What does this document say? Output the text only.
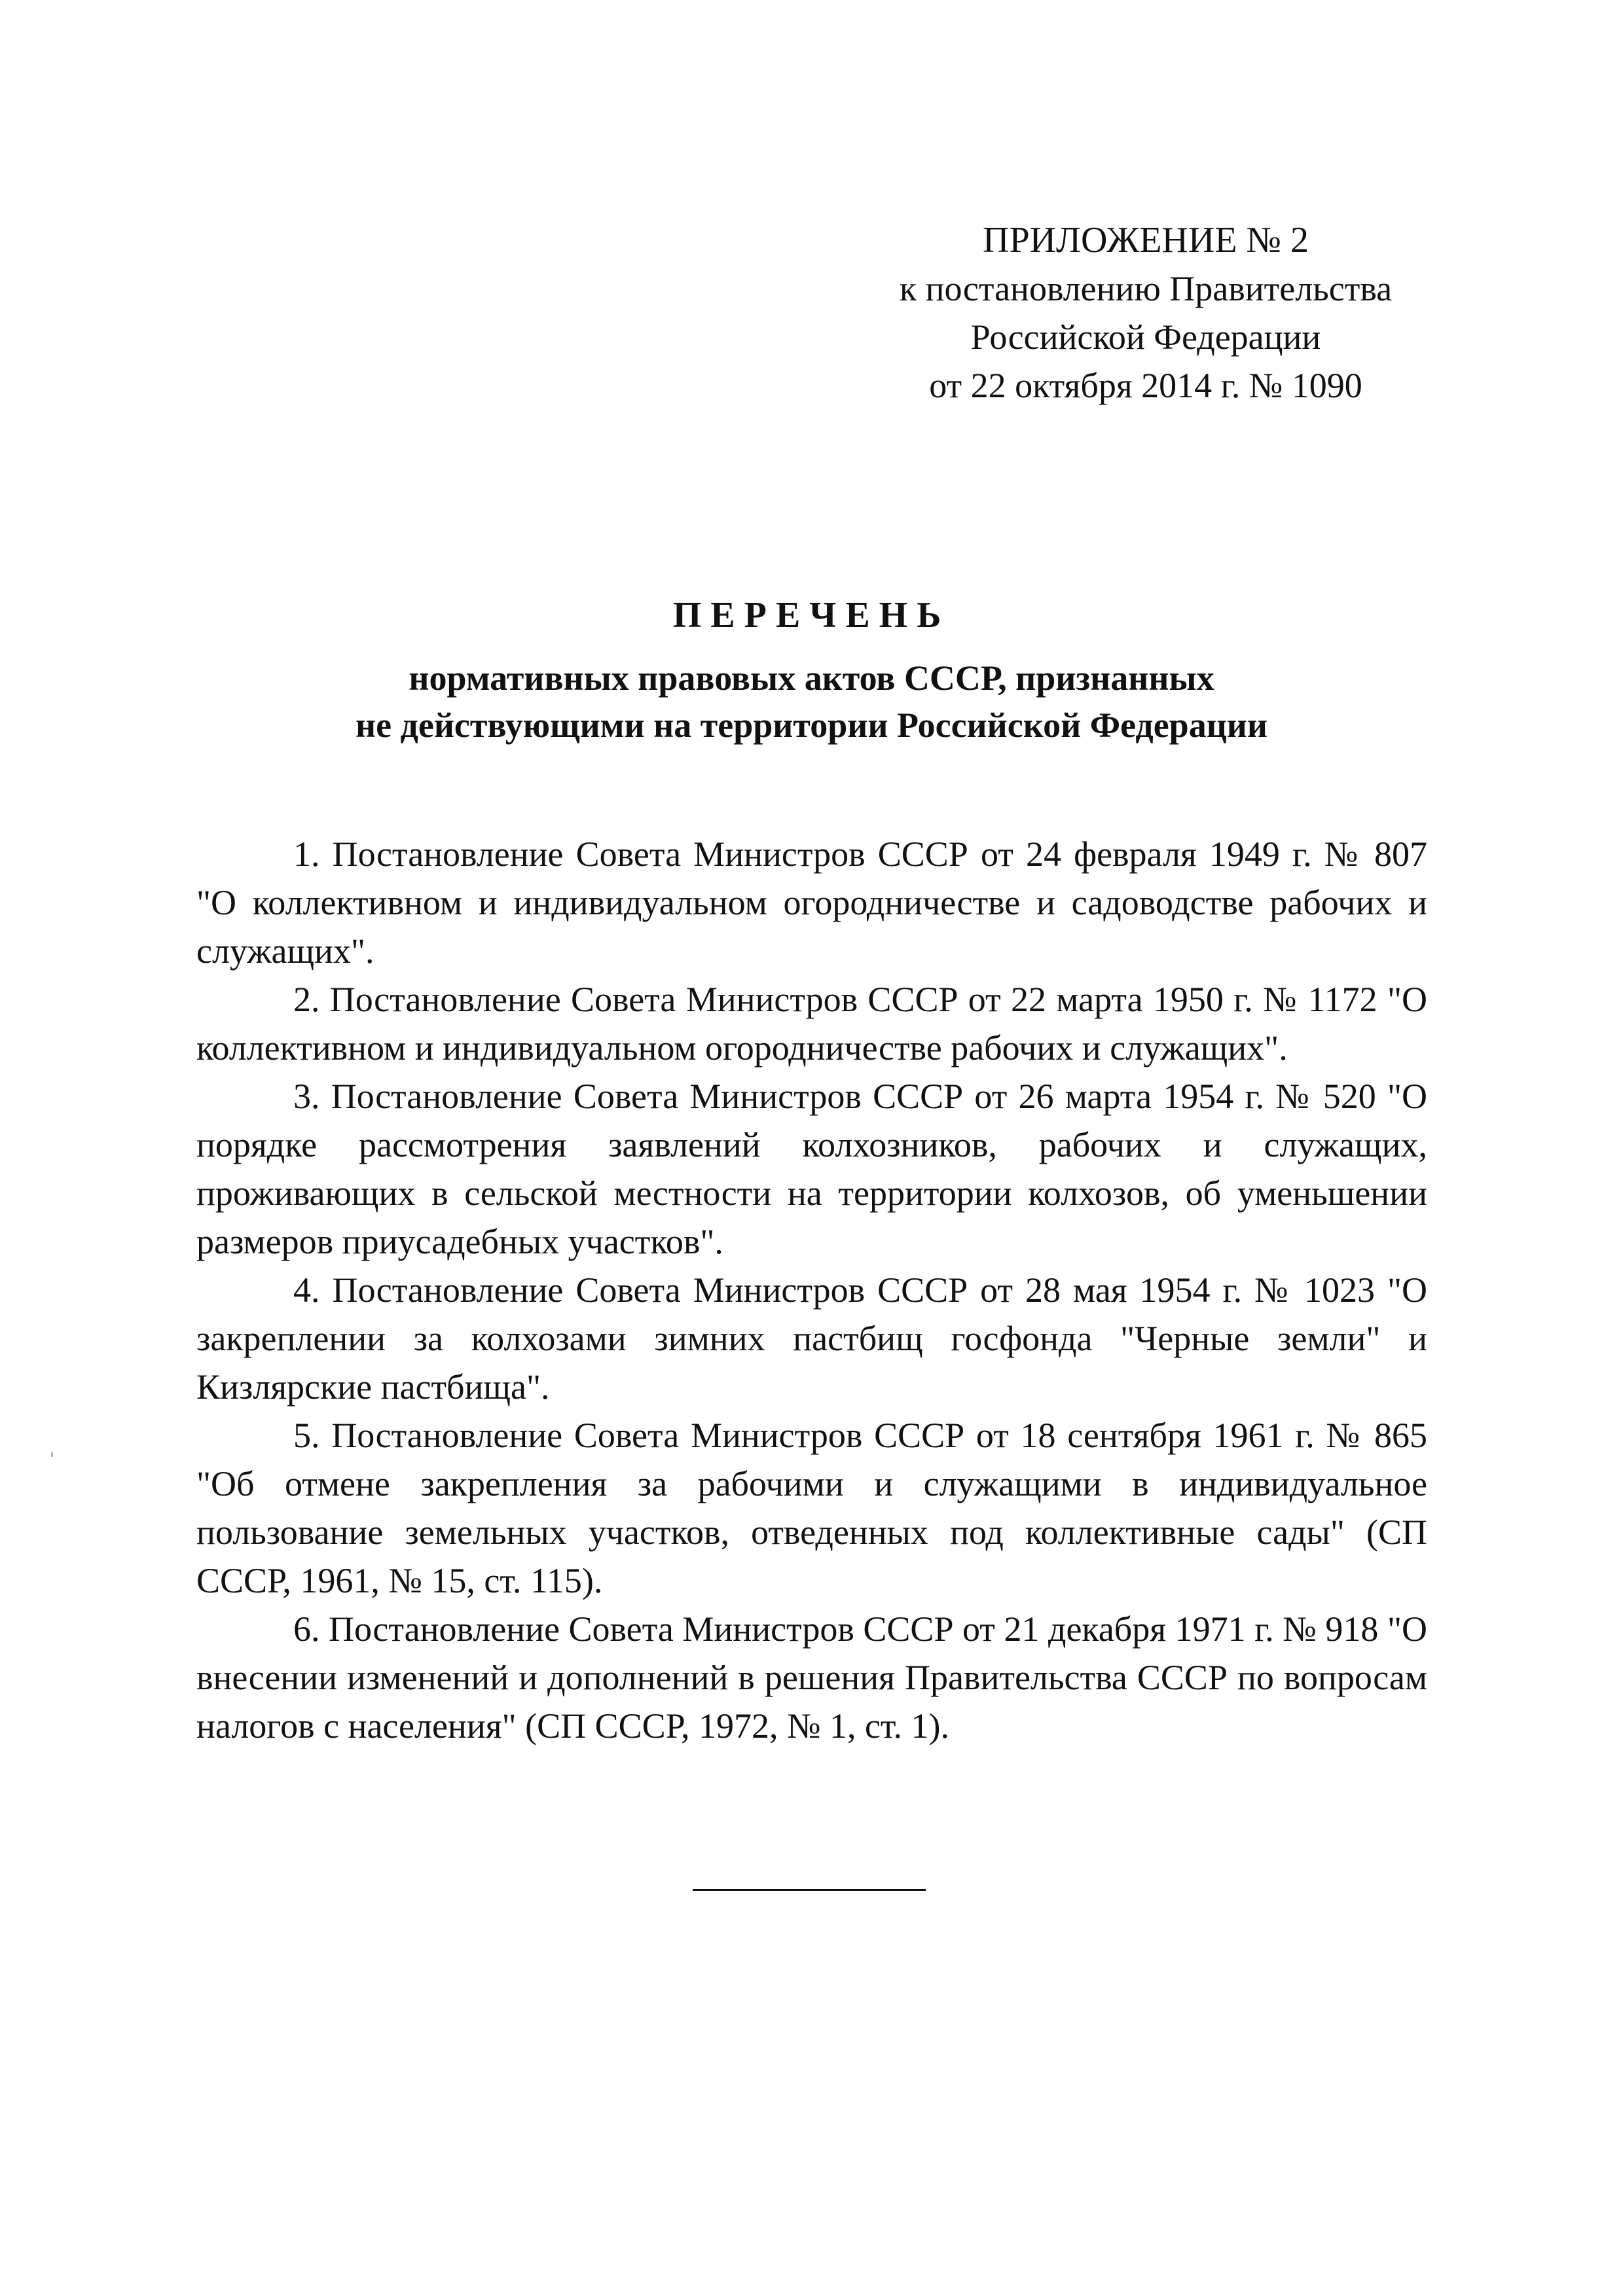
ПРИЛОЖЕНИЕ № 2
к постановлению Правительства
Российской Федерации
от 22 октября 2014 г. № 1090
ПЕРЕЧЕНЬ
нормативных правовых актов СССР, признанных
не действующими на территории Российской Федерации

1. Постановление Совета Министров СССР от 24 февраля 1949 г. № 807 "О коллективном и индивидуальном огородничестве и садоводстве рабочих и служащих".

2. Постановление Совета Министров СССР от 22 марта 1950 г. № 1172 "О коллективном и индивидуальном огородничестве рабочих и служащих".

3. Постановление Совета Министров СССР от 26 марта 1954 г. № 520 "О порядке рассмотрения заявлений колхозников, рабочих и служащих, проживающих в сельской местности на территории колхозов, об уменьшении размеров приусадебных участков".

4. Постановление Совета Министров СССР от 28 мая 1954 г. № 1023 "О закреплении за колхозами зимних пастбищ госфонда "Черные земли" и Кизлярские пастбища".

5. Постановление Совета Министров СССР от 18 сентября 1961 г. № 865 "Об отмене закрепления за рабочими и служащими в индивидуальное пользование земельных участков, отведенных под коллективные сады" (СП СССР, 1961, № 15, ст. 115).

6. Постановление Совета Министров СССР от 21 декабря 1971 г. № 918 "О внесении изменений и дополнений в решения Правительства СССР по вопросам налогов с населения" (СП СССР, 1972, № 1, ст. 1).
